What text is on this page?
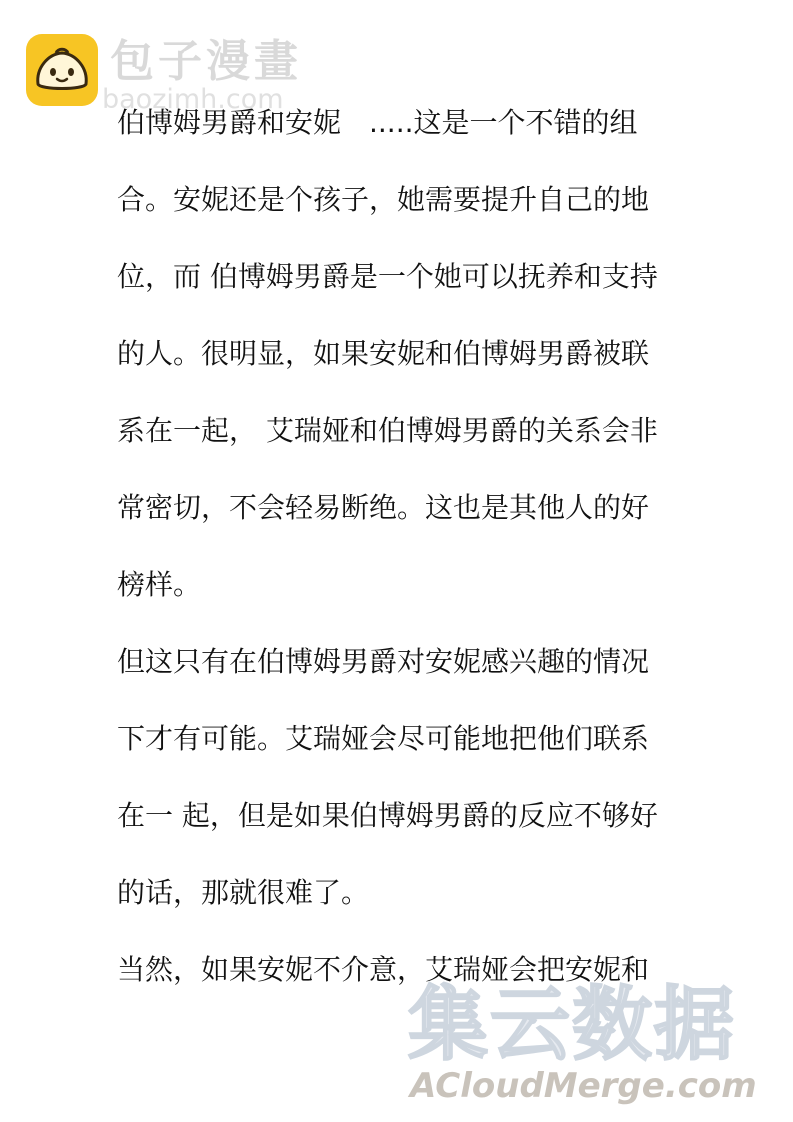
包子漫畫
baozimh.com
伯博姆男爵和安妮　.....这是一个不错的组
合。安妮还是个孩子，她需要提升自己的地
位，而 伯博姆男爵是一个她可以抚养和支持
的人。很明显，如果安妮和伯博姆男爵被联
系在一起， 艾瑞娅和伯博姆男爵的关系会非
常密切，不会轻易断绝。这也是其他人的好
榜样。
但这只有在伯博姆男爵对安妮感兴趣的情况
下才有可能。艾瑞娅会尽可能地把他们联系
在一 起，但是如果伯博姆男爵的反应不够好
的话，那就很难了。
当然，如果安妮不介意，艾瑞娅会把安妮和
集云数据
ACloudMerge.com
